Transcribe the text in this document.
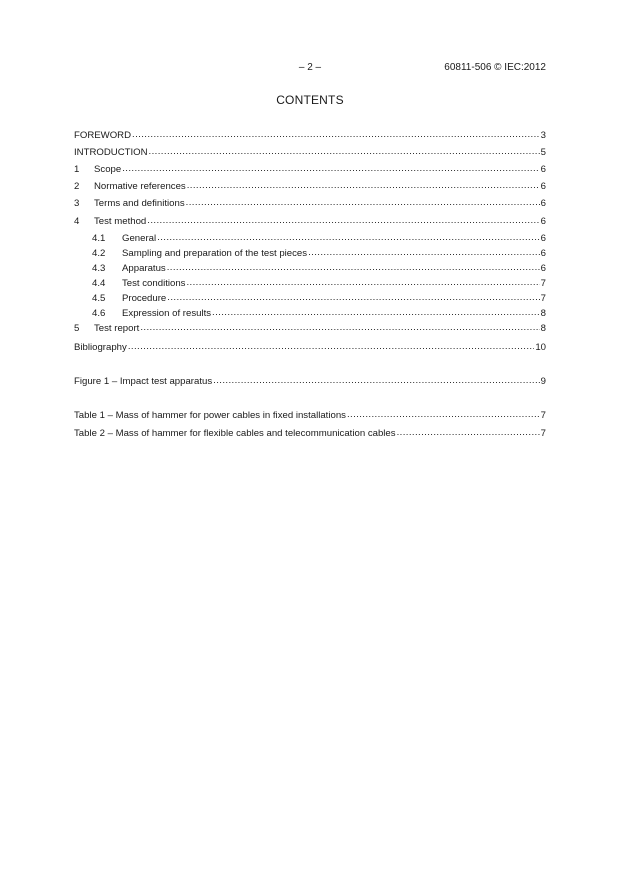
– 2 –	60811-506 © IEC:2012
CONTENTS
FOREWORD .....	3
INTRODUCTION .....	5
1	Scope .....	6
2	Normative references .....	6
3	Terms and definitions .....	6
4	Test method .....	6
4.1	General .....	6
4.2	Sampling and preparation of the test pieces .....	6
4.3	Apparatus .....	6
4.4	Test conditions .....	7
4.5	Procedure .....	7
4.6	Expression of results .....	8
5	Test report .....	8
Bibliography .....	10
Figure 1 – Impact test apparatus .....	9
Table 1 – Mass of hammer for power cables in fixed installations .....	7
Table 2 – Mass of hammer for flexible cables and telecommunication cables .....	7
